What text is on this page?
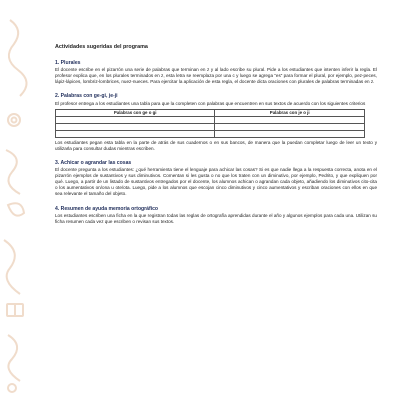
Actividades sugeridas del programa
1. Plurales

El docente escribe en el pizarrón una serie de palabras que terminan en z y al lado escribe su plural. Pide a los estudiantes que intenten inferir la regla. El profesor explica que, en los plurales terminados en z, esta letra se reemplaza por una c y luego se agrega “es” para formar el plural, por ejemplo, pez-peces, lápiz-lápices, lombriz-lombrices, nuez-nueces. Para ejercitar la aplicación de esta regla, el docente dicta oraciones con plurales de palabras terminadas en z.

2. Palabras con ge-gi, je-ji

El profesor entrega a los estudiantes una tabla para que la completen con palabras que encuentren en sus textos de acuerdo con los siguientes criterios

Palabras con ge o gi	Palabras con je o ji

Los estudiantes pegan esta tabla en la parte de atrás de sus cuadernos o en sus bancos, de manera que la puedan completar luego de leer un texto y utilizarla para consultar dudas mientras escriben.

3. Achicar o agrandar las cosas

El docente pregunta a los estudiantes: ¿qué herramienta tiene el lenguaje para achicar las cosas? Si es que nadie llega a la respuesta correcta, anota en el pizarrón ejemplos de sustantivos y sus diminutivos. Comentan si les gusta o no que los traten con un diminutivo, por ejemplo, Pedrito, y que expliquen por qué. Luego, a partir de un listado de sustantivos entregados por el docente, los alumnos achican o agrandan cada objeto, añadiendo los diminutivos cito-cita o los aumentativos on/ona u ote/ota. Luego, pide a los alumnos que escojan cinco diminutivos y cinco aumentativos y escriban oraciones con ellos en que sea relevante el tamaño del objeto.

4. Resumen de ayuda memoria ortográfico

Los estudiantes escriben una ficha en la que registran todas las reglas de ortografía aprendidas durante el año y algunos ejemplos para cada una. Utilizan su ficha resumen cada vez que escriben o revisan sus textos.
